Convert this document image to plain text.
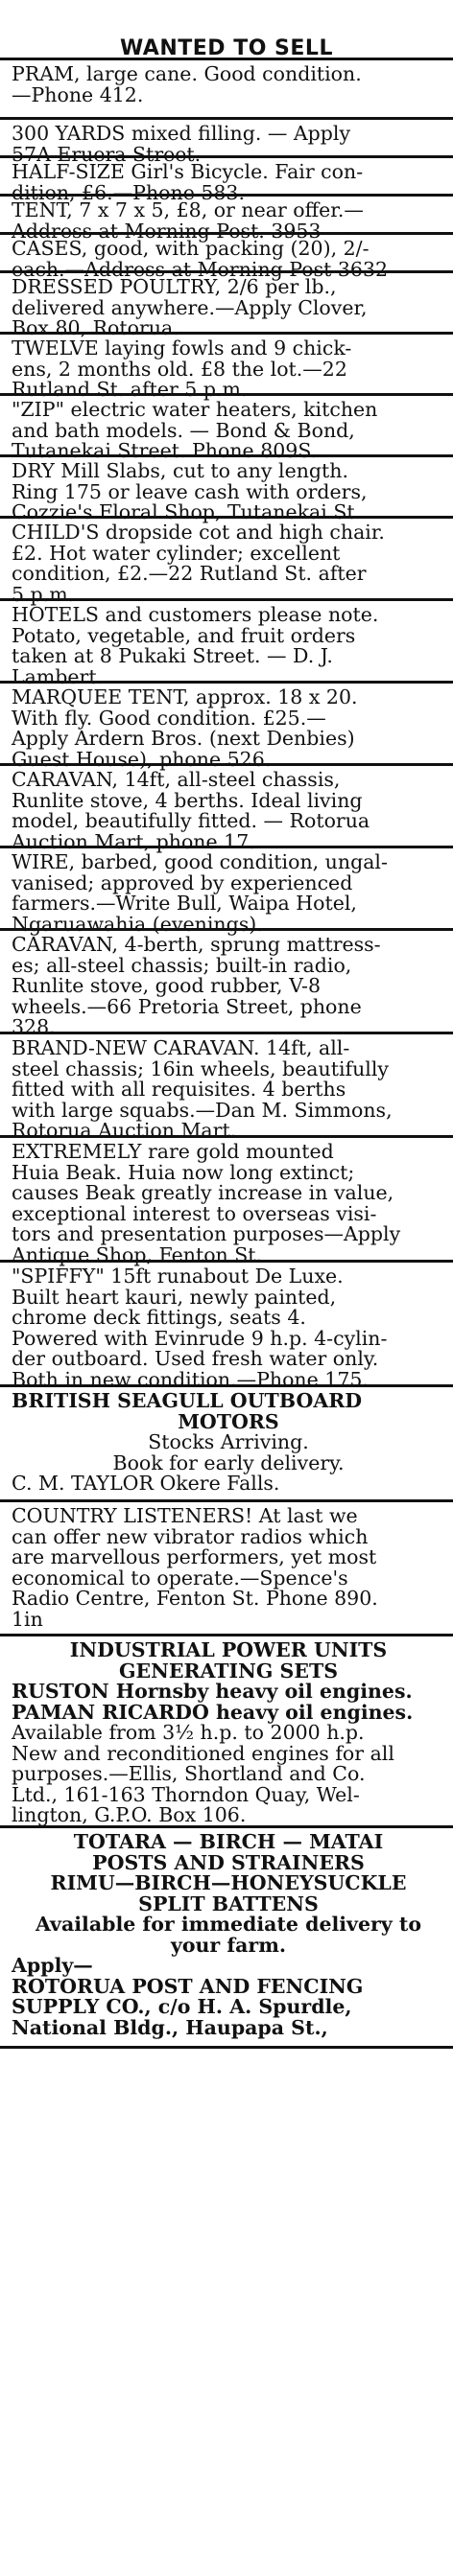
WANTED TO SELL
PRAM, large cane. Good condition.
—Phone 412.
300 YARDS mixed filling. — Apply
57A Eruera Street.
HALF-SIZE Girl's Bicycle. Fair con-
dition, £6.—Phone 583.
TENT, 7 x 7 x 5, £8, or near offer.—
Address at Morning Post. 3953
CASES, good, with packing (20), 2/-
each.—Address at Morning Post 3632
DRESSED POULTRY, 2/6 per lb.,
delivered anywhere.—Apply Clover,
Box 80, Rotorua.
TWELVE laying fowls and 9 chick-
ens, 2 months old. £8 the lot.—22
Rutland St. after 5 p.m.
"ZIP" electric water heaters, kitchen
and bath models. — Bond & Bond,
Tutanekai Street. Phone 809S.
DRY Mill Slabs, cut to any length.
Ring 175 or leave cash with orders,
Cozzie's Floral Shop, Tutanekai St.
CHILD'S dropside cot and high chair.
£2. Hot water cylinder; excellent
condition, £2.—22 Rutland St. after
5 p.m.
HOTELS and customers please note.
Potato, vegetable, and fruit orders
taken at 8 Pukaki Street. — D. J.
Lambert.
MARQUEE TENT, approx. 18 x 20.
With fly. Good condition. £25.—
Apply Ardern Bros. (next Denbies)
Guest House), phone 526.
CARAVAN, 14ft, all-steel chassis,
Runlite stove, 4 berths. Ideal living
model, beautifully fitted. — Rotorua
Auction Mart, phone 17.
WIRE, barbed, good condition, ungal-
vanised; approved by experienced
farmers.—Write Bull, Waipa Hotel,
Ngaruawahia (evenings).
CARAVAN, 4-berth, sprung mattress-
es; all-steel chassis; built-in radio,
Runlite stove, good rubber, V-8
wheels.—66 Pretoria Street, phone
328.
BRAND-NEW CARAVAN. 14ft, all-
steel chassis; 16in wheels, beautifully
fitted with all requisites. 4 berths
with large squabs.—Dan M. Simmons,
Rotorua Auction Mart.
EXTREMELY rare gold mounted
Huia Beak. Huia now long extinct;
causes Beak greatly increase in value,
exceptional interest to overseas visi-
tors and presentation purposes—Apply
Antique Shop, Fenton St.
"SPIFFY" 15ft runabout De Luxe.
Built heart kauri, newly painted,
chrome deck fittings, seats 4.
Powered with Evinrude 9 h.p. 4-cylin-
der outboard. Used fresh water only.
Both in new condition.—Phone 175.
BRITISH SEAGULL OUTBOARD
MOTORS
Stocks Arriving.
Book for early delivery.
C. M. TAYLOR Okere Falls.
COUNTRY LISTENERS! At last we
can offer new vibrator radios which
are marvellous performers, yet most
economical to operate.—Spence's
Radio Centre, Fenton St. Phone 890.
1in
INDUSTRIAL POWER UNITS
GENERATING SETS
RUSTON Hornsby heavy oil engines.
PAMAN RICARDO heavy oil engines.
Available from 3½ h.p. to 2000 h.p.
New and reconditioned engines for all
purposes.—Ellis, Shortland and Co.
Ltd., 161-163 Thorndon Quay, Wel-
lington, G.P.O. Box 106.
TOTARA — BIRCH — MATAI
POSTS AND STRAINERS
RIMU—BIRCH—HONEYSUCKLE
SPLIT BATTENS
Available for immediate delivery to
your farm.
Apply—
ROTORUA POST AND FENCING
SUPPLY CO., c/o H. A. Spurdle,
National Bldg., Haupapa St.,
